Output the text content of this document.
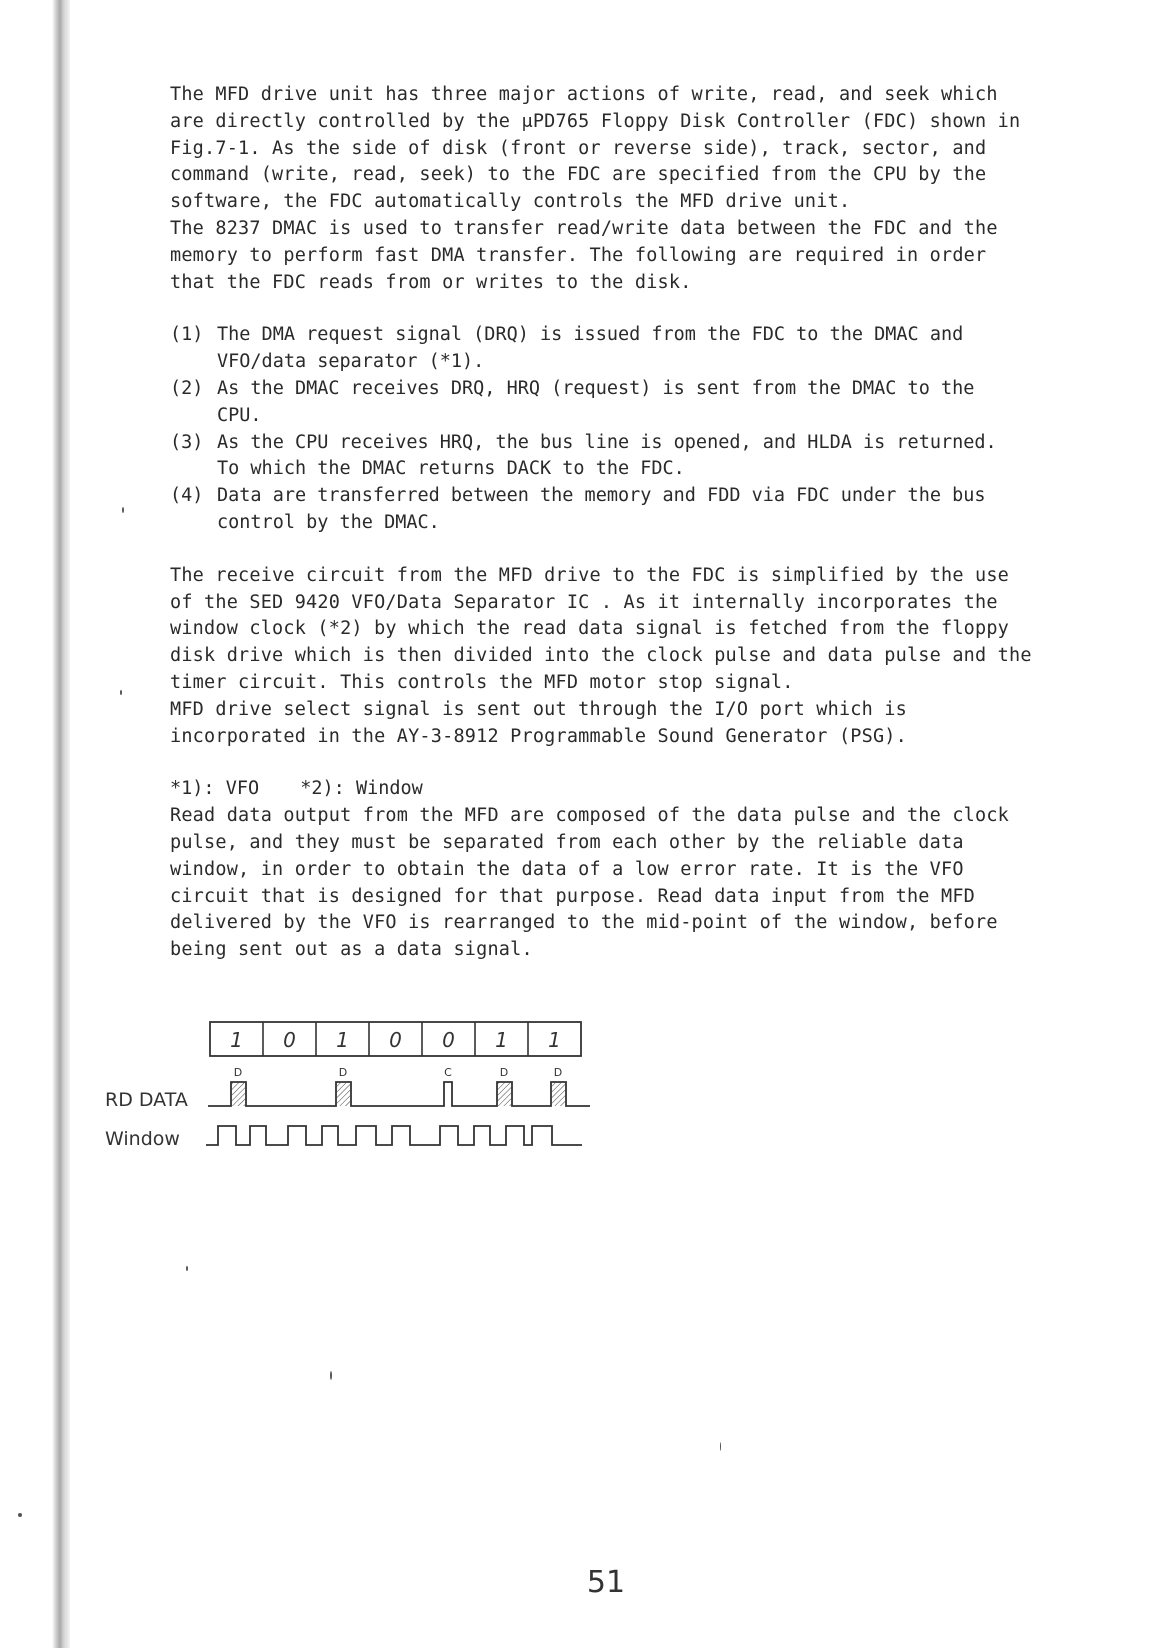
The MFD drive unit has three major actions of write, read, and seek which
are directly controlled by the μPD765 Floppy Disk Controller (FDC) shown in
Fig.7-1. As the side of disk (front or reverse side), track, sector, and
command (write, read, seek) to the FDC are specified from the CPU by the
software, the FDC automatically controls the MFD drive unit.
The 8237 DMAC is used to transfer read/write data between the FDC and the
memory to perform fast DMA transfer. The following are required in order
that the FDC reads from or writes to the disk.

(1) The DMA request signal (DRQ) is issued from the FDC to the DMAC and
VFO/data separator (*1).
(2) As the DMAC receives DRQ, HRQ (request) is sent from the DMAC to the
CPU.
(3) As the CPU receives HRQ, the bus line is opened, and HLDA is returned.
To which the DMAC returns DACK to the FDC.
(4) Data are transferred between the memory and FDD via FDC under the bus
control by the DMAC.

The receive circuit from the MFD drive to the FDC is simplified by the use
of the SED 9420 VFO/Data Separator IC . As it internally incorporates the
window clock (*2) by which the read data signal is fetched from the floppy
disk drive which is then divided into the clock pulse and data pulse and the
timer circuit. This controls the MFD motor stop signal.
MFD drive select signal is sent out through the I/O port which is
incorporated in the AY-3-8912 Programmable Sound Generator (PSG).

*1): VFO *2): Window

Read data output from the MFD are composed of the data pulse and the clock
pulse, and they must be separated from each other by the reliable data
window, in order to obtain the data of a low error rate. It is the VFO
circuit that is designed for that purpose. Read data input from the MFD
delivered by the VFO is rearranged to the mid-point of the window, before
being sent out as a data signal.

1 0 1 0 0 1 1
D	D	C	D	D
RD DATA
Window
51
